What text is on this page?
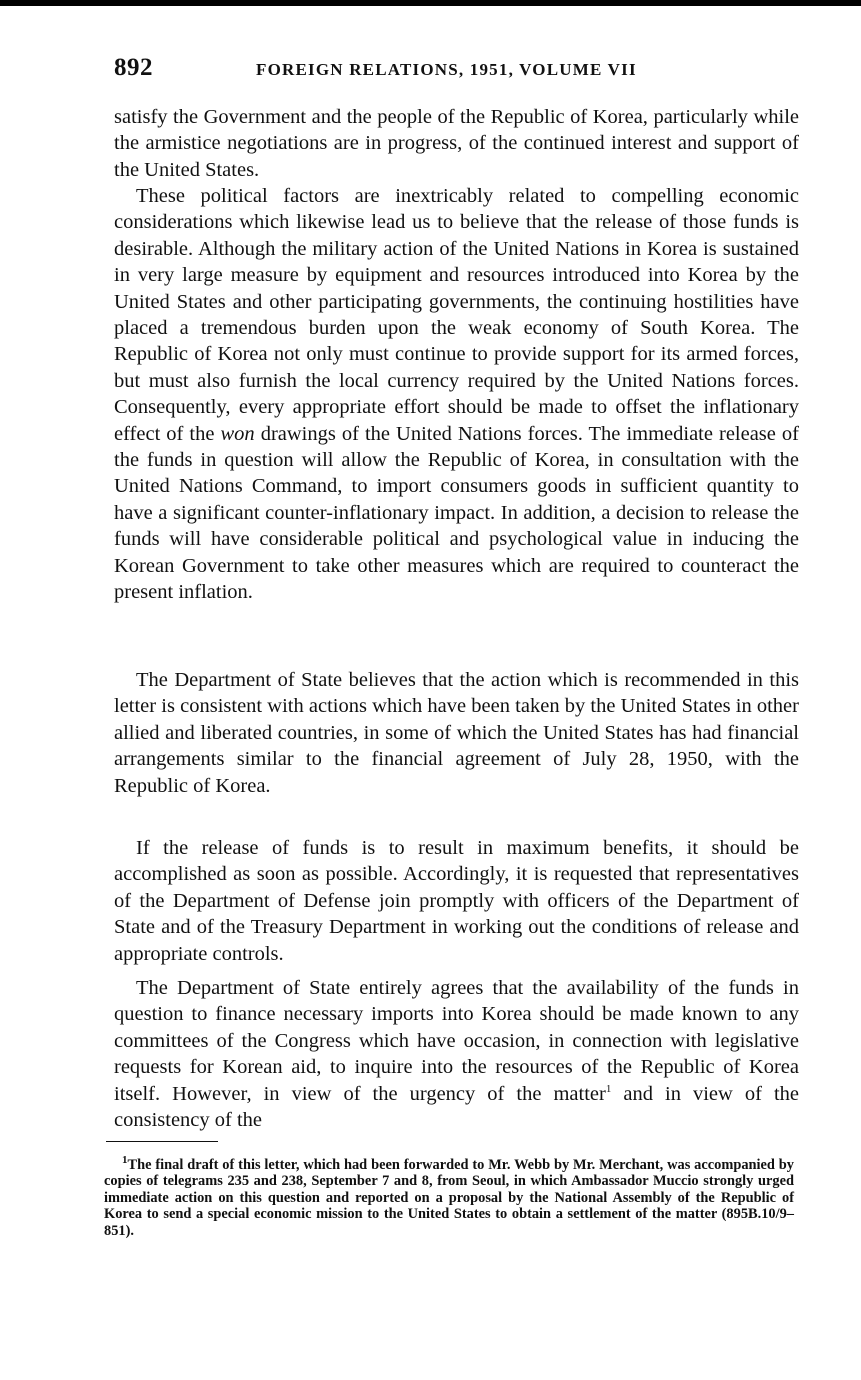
892	FOREIGN RELATIONS, 1951, VOLUME VII

satisfy the Government and the people of the Republic of Korea, particularly while the armistice negotiations are in progress, of the continued interest and support of the United States.

These political factors are inextricably related to compelling economic considerations which likewise lead us to believe that the release of those funds is desirable. Although the military action of the United Nations in Korea is sustained in very large measure by equipment and resources introduced into Korea by the United States and other participating governments, the continuing hostilities have placed a tremendous burden upon the weak economy of South Korea. The Republic of Korea not only must continue to provide support for its armed forces, but must also furnish the local currency required by the United Nations forces. Consequently, every appropriate effort should be made to offset the inflationary effect of the won drawings of the United Nations forces. The immediate release of the funds in question will allow the Republic of Korea, in consultation with the United Nations Command, to import consumers goods in sufficient quantity to have a significant counter-inflationary impact. In addition, a decision to release the funds will have considerable political and psychological value in inducing the Korean Government to take other measures which are required to counteract the present inflation.

The Department of State believes that the action which is recommended in this letter is consistent with actions which have been taken by the United States in other allied and liberated countries, in some of which the United States has had financial arrangements similar to the financial agreement of July 28, 1950, with the Republic of Korea.

If the release of funds is to result in maximum benefits, it should be accomplished as soon as possible. Accordingly, it is requested that representatives of the Department of Defense join promptly with officers of the Department of State and of the Treasury Department in working out the conditions of release and appropriate controls.

The Department of State entirely agrees that the availability of the funds in question to finance necessary imports into Korea should be made known to any committees of the Congress which have occasion, in connection with legislative requests for Korean aid, to inquire into the resources of the Republic of Korea itself. However, in view of the urgency of the matter$^1$ and in view of the consistency of the

$^1$The final draft of this letter, which had been forwarded to Mr. Webb by Mr. Merchant, was accompanied by copies of telegrams 235 and 238, September 7 and 8, from Seoul, in which Ambassador Muccio strongly urged immediate action on this question and reported on a proposal by the National Assembly of the Republic of Korea to send a special economic mission to the United States to obtain a settlement of the matter (895B.10/9–851).
